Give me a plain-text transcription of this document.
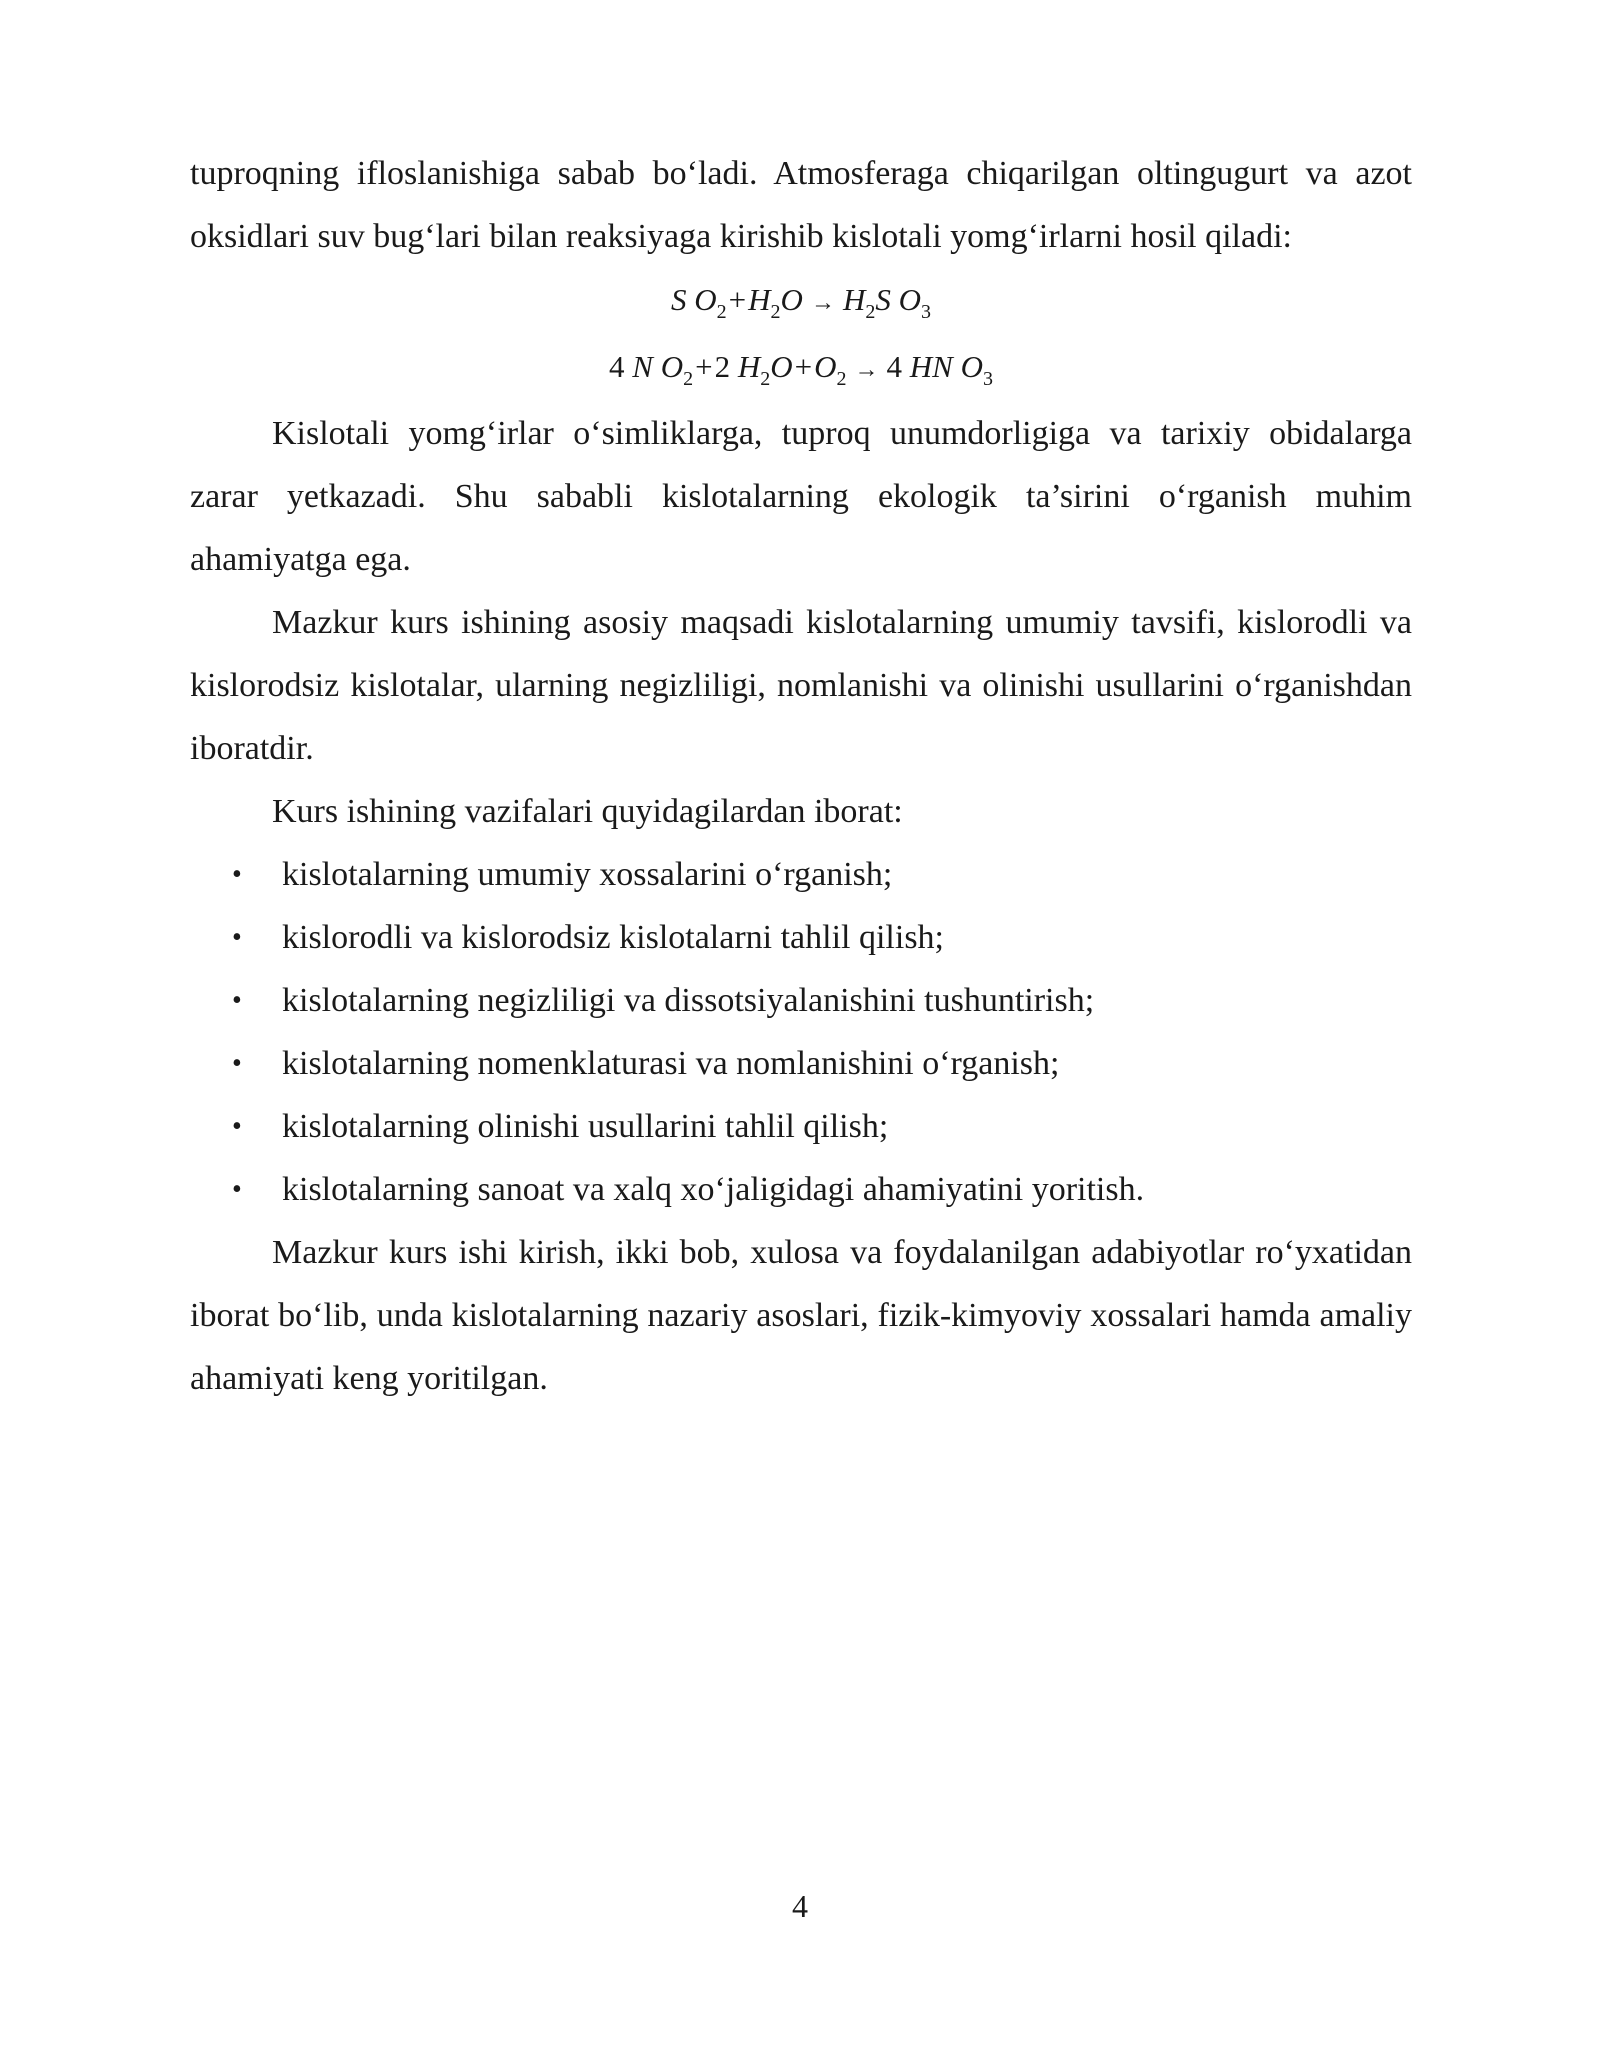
tuproqning ifloslanishiga sabab bo‘ladi. Atmosferaga chiqarilgan oltingugurt va azot oksidlari suv bug‘lari bilan reaksiyaga kirishib kislotali yomg‘irlarni hosil qiladi:

S $O_2+H_2O \to H_2S$ $O_3$

4 N $O_2+2$ $H_2O+O_2 \to 4$ HN $O_3$

Kislotali yomg‘irlar o‘simliklarga, tuproq unumdorligiga va tarixiy obidalarga zarar yetkazadi. Shu sababli kislotalarning ekologik ta’sirini o‘rganish muhim ahamiyatga ega.

Mazkur kurs ishining asosiy maqsadi kislotalarning umumiy tavsifi, kislorodli va kislorodsiz kislotalar, ularning negizliligi, nomlanishi va olinishi usullarini o‘rganishdan iboratdir.

Kurs ishining vazifalari quyidagilardan iborat:

• kislotalarning umumiy xossalarini o‘rganish;
• kislorodli va kislorodsiz kislotalarni tahlil qilish;
• kislotalarning negizliligi va dissotsiyalanishini tushuntirish;
• kislotalarning nomenklaturasi va nomlanishini o‘rganish;
• kislotalarning olinishi usullarini tahlil qilish;
• kislotalarning sanoat va xalq xo‘jaligidagi ahamiyatini yoritish.

Mazkur kurs ishi kirish, ikki bob, xulosa va foydalanilgan adabiyotlar ro‘yxatidan iborat bo‘lib, unda kislotalarning nazariy asoslari, fizik-kimyoviy xossalari hamda amaliy ahamiyati keng yoritilgan.

4
